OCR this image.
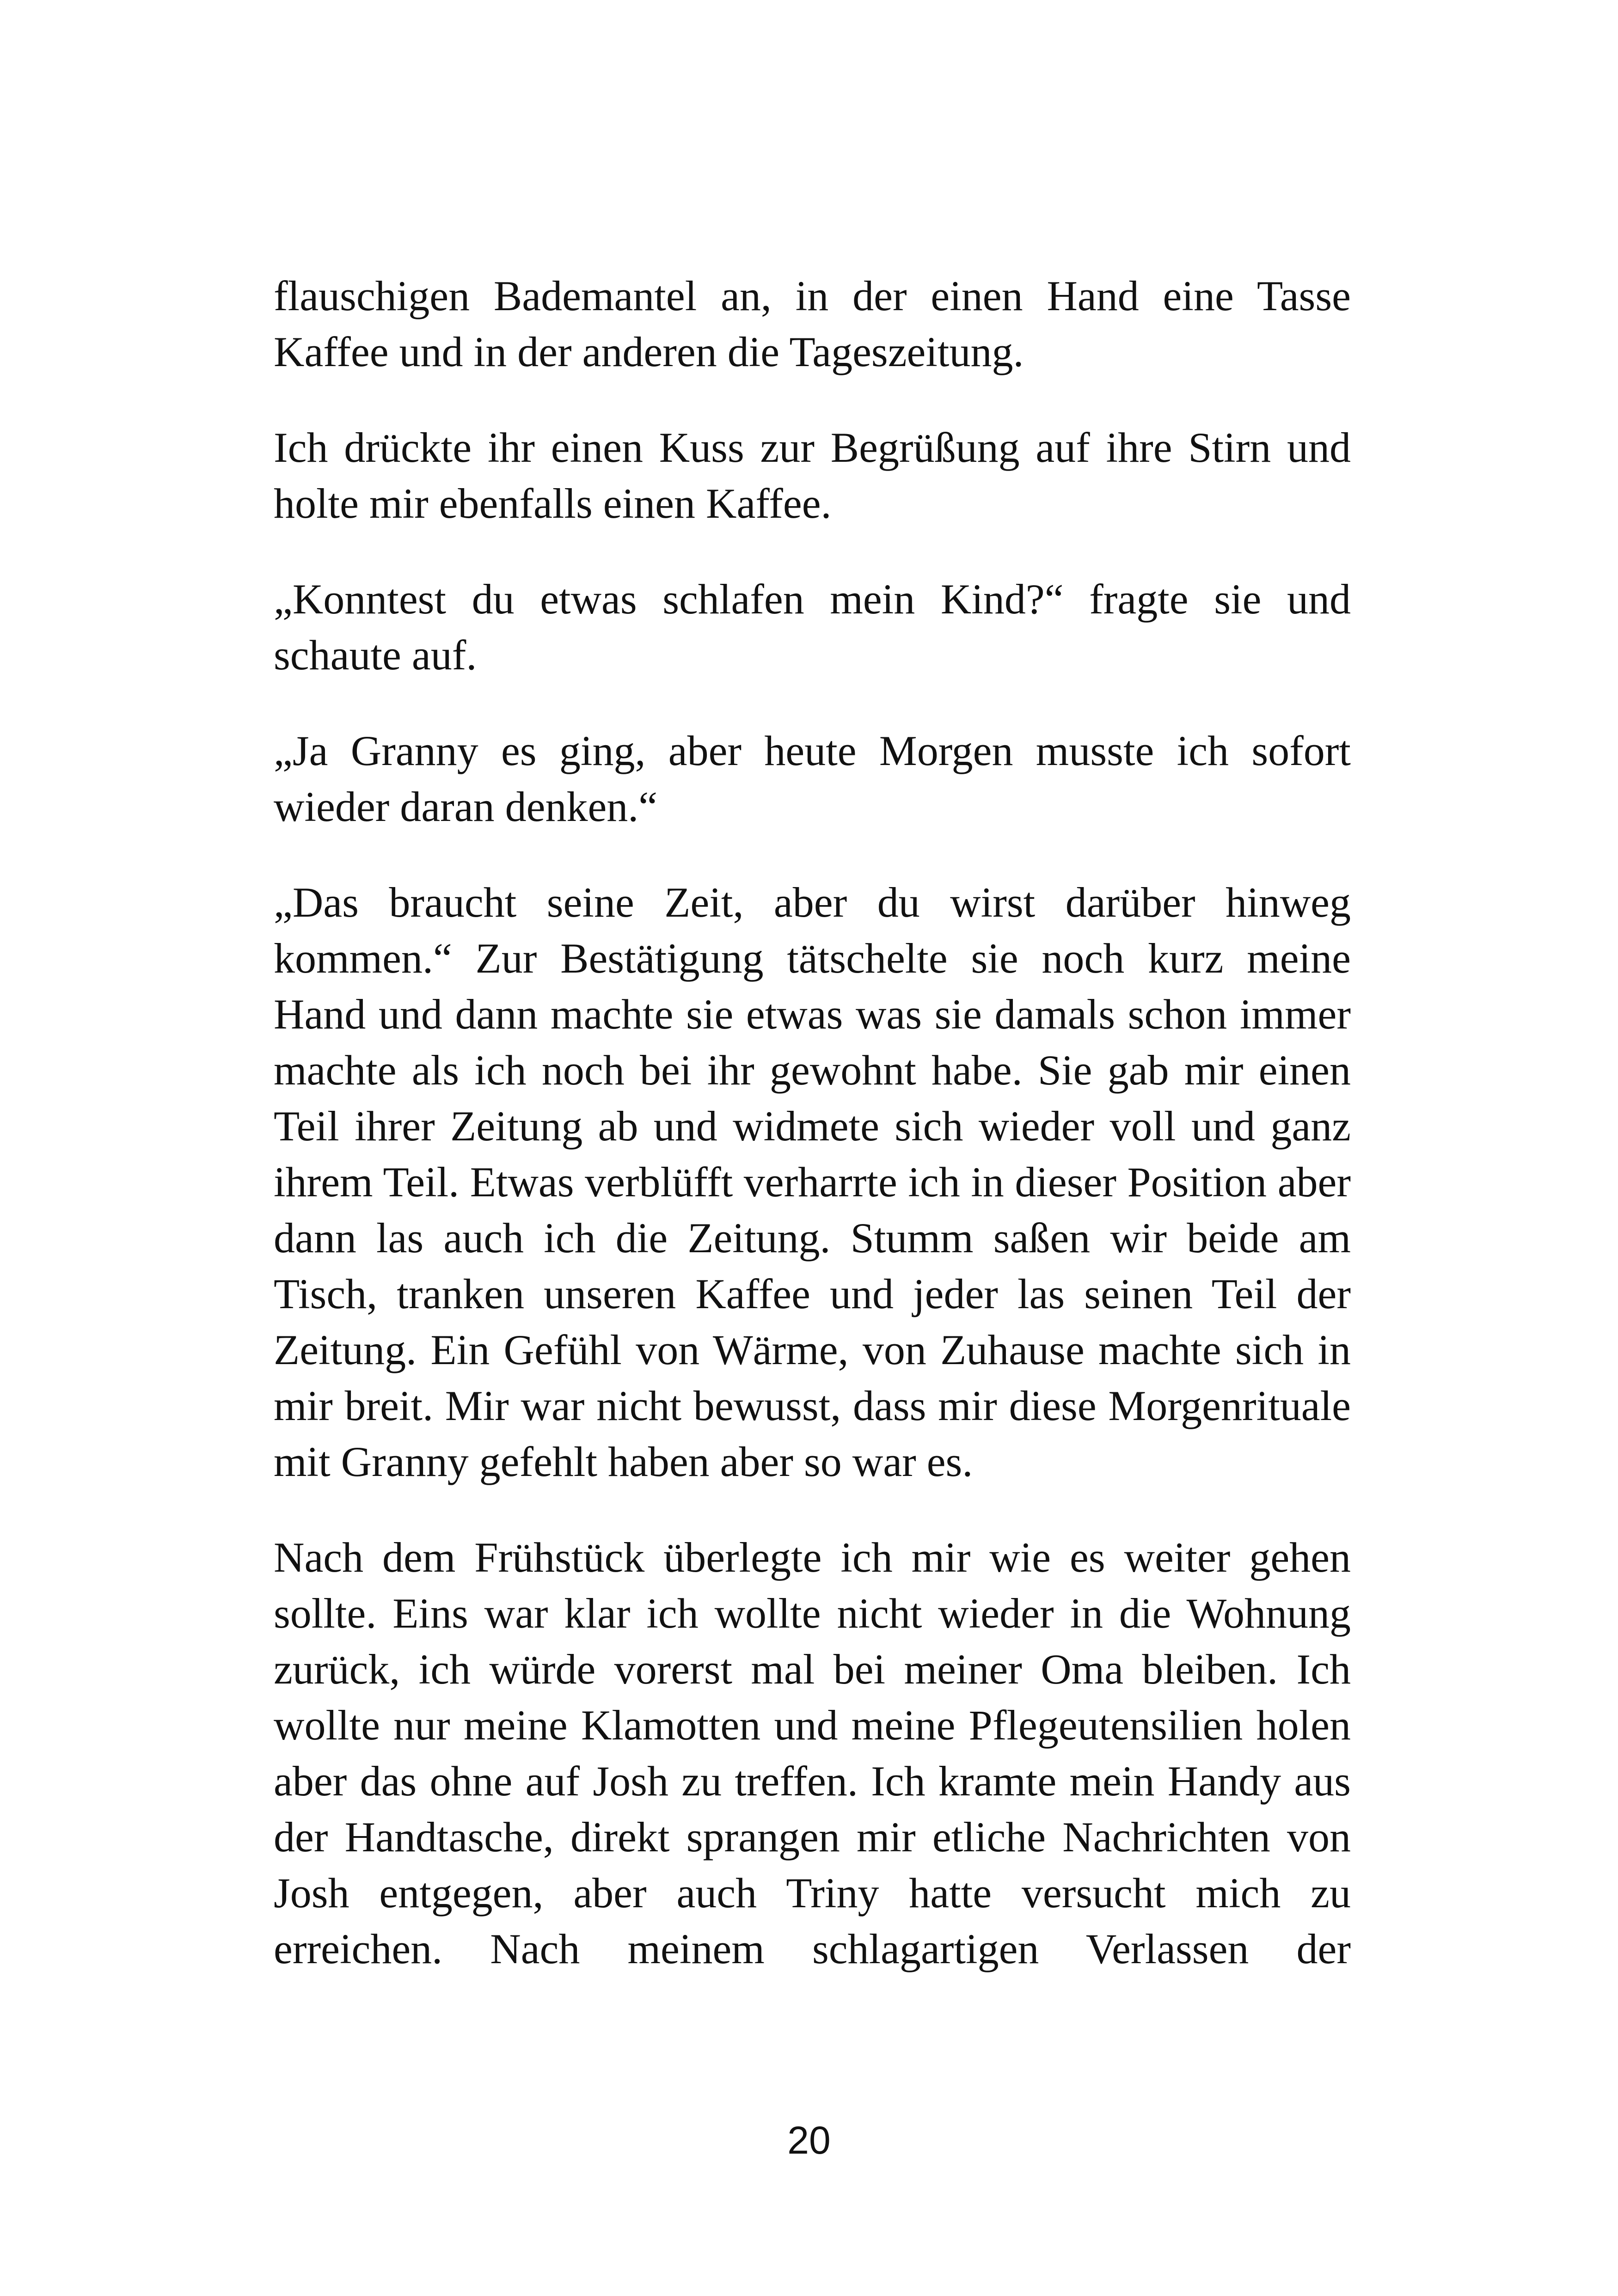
flauschigen Bademantel an, in der einen Hand eine Tasse Kaffee und in der anderen die Tageszeitung.

Ich drückte ihr einen Kuss zur Begrüßung auf ihre Stirn und holte mir ebenfalls einen Kaffee.

„Konntest du etwas schlafen mein Kind?“ fragte sie und schaute auf.

„Ja Granny es ging, aber heute Morgen musste ich sofort wieder daran denken.“

„Das braucht seine Zeit, aber du wirst darüber hinweg kommen.“ Zur Bestätigung tätschelte sie noch kurz meine Hand und dann machte sie etwas was sie damals schon immer machte als ich noch bei ihr gewohnt habe. Sie gab mir einen Teil ihrer Zeitung ab und widmete sich wieder voll und ganz ihrem Teil. Etwas verblüfft verharrte ich in dieser Position aber dann las auch ich die Zeitung. Stumm saßen wir beide am Tisch, tranken unseren Kaffee und jeder las seinen Teil der Zeitung. Ein Gefühl von Wärme, von Zuhause machte sich in mir breit. Mir war nicht bewusst, dass mir diese Morgenrituale mit Granny gefehlt haben aber so war es.

Nach dem Frühstück überlegte ich mir wie es weiter gehen sollte. Eins war klar ich wollte nicht wieder in die Wohnung zurück, ich würde vorerst mal bei meiner Oma bleiben. Ich wollte nur meine Klamotten und meine Pflegeutensilien holen aber das ohne auf Josh zu treffen. Ich kramte mein Handy aus der Handtasche, direkt sprangen mir etliche Nachrichten von Josh entgegen, aber auch Triny hatte versucht mich zu erreichen. Nach meinem schlagartigen Verlassen der

20
